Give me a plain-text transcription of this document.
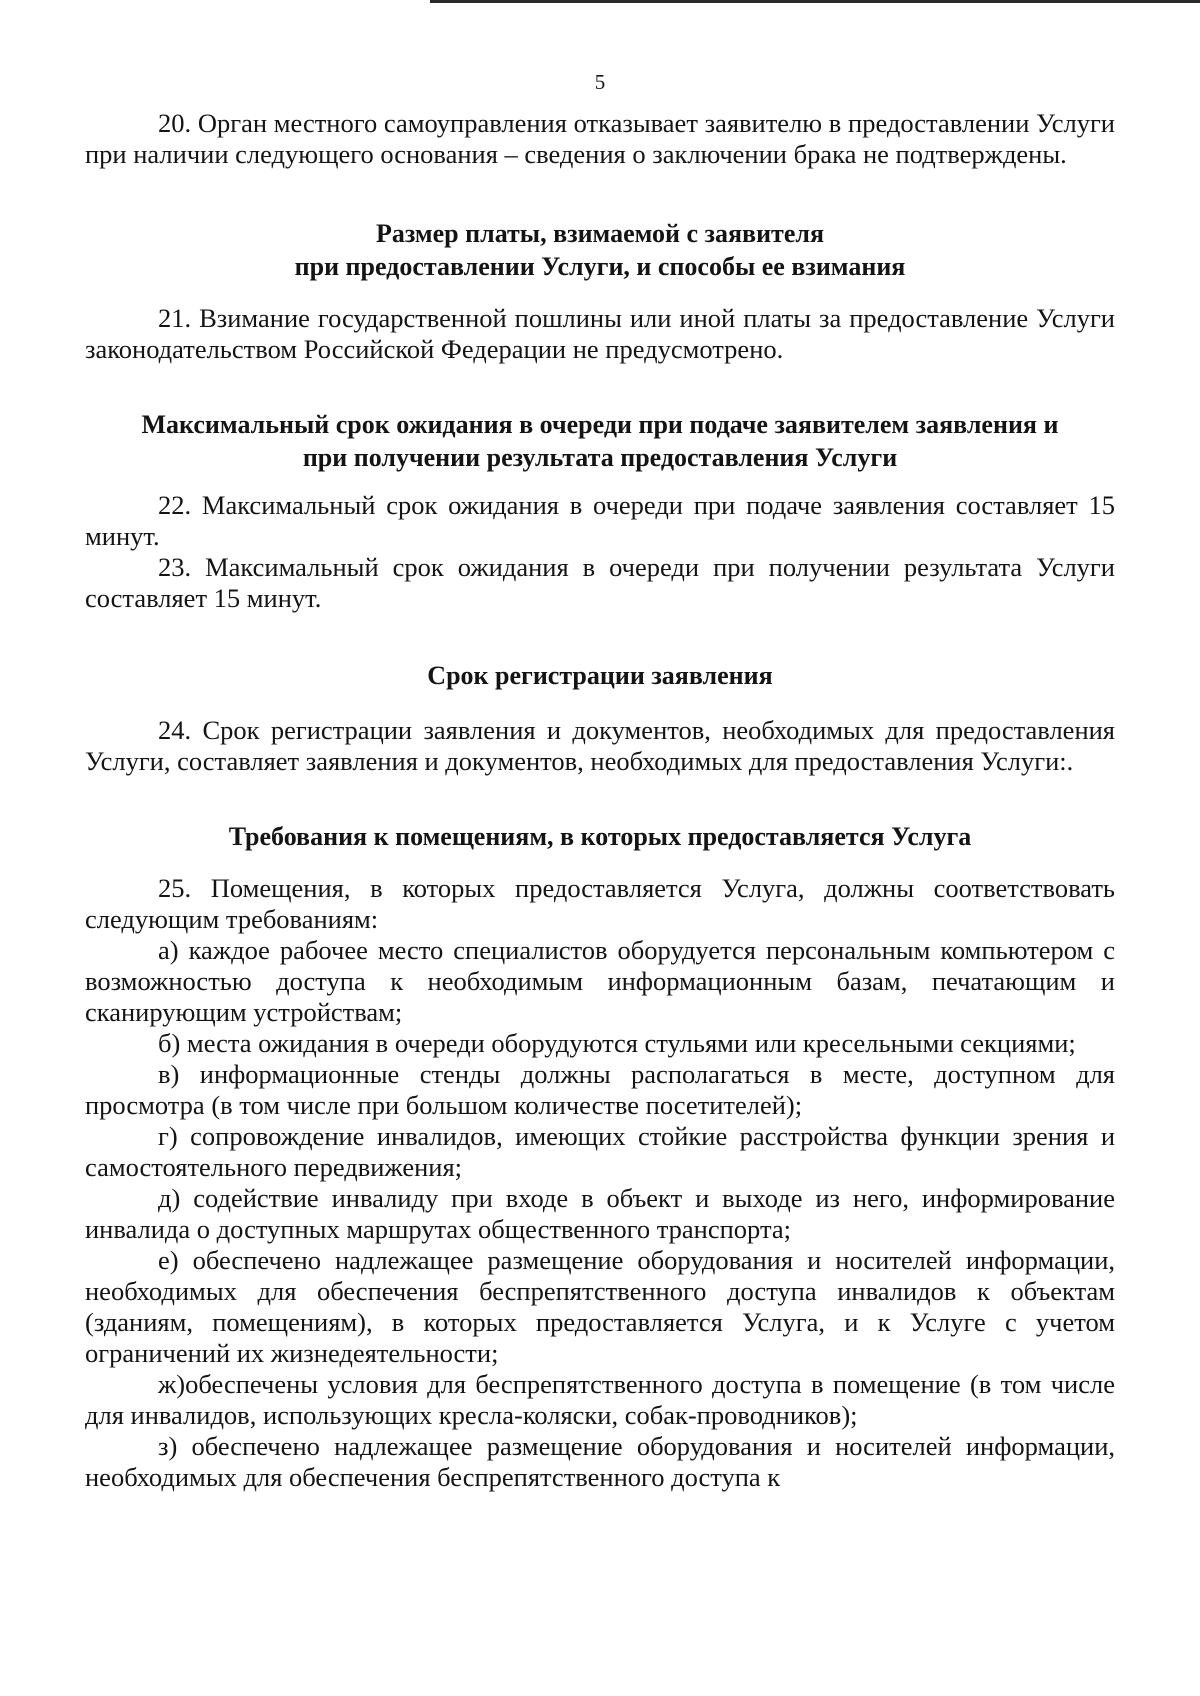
5

20. Орган местного самоуправления отказывает заявителю в предоставлении Услуги при наличии следующего основания – сведения о заключении брака не подтверждены.

Размер платы, взимаемой с заявителя
при предоставлении Услуги, и способы ее взимания

21. Взимание государственной пошлины или иной платы за предоставление Услуги законодательством Российской Федерации не предусмотрено.

Максимальный срок ожидания в очереди при подаче заявителем заявления и
при получении результата предоставления Услуги

22. Максимальный срок ожидания в очереди при подаче заявления составляет 15 минут.

23. Максимальный срок ожидания в очереди при получении результата Услуги составляет 15 минут.

Срок регистрации заявления

24. Срок регистрации заявления и документов, необходимых для предоставления Услуги, составляет заявления и документов, необходимых для предоставления Услуги:.

Требования к помещениям, в которых предоставляется Услуга

25. Помещения, в которых предоставляется Услуга, должны соответствовать следующим требованиям:

а) каждое рабочее место специалистов оборудуется персональным компьютером с возможностью доступа к необходимым информационным базам, печатающим и сканирующим устройствам;

б) места ожидания в очереди оборудуются стульями или кресельными секциями;

в) информационные стенды должны располагаться в месте, доступном для просмотра (в том числе при большом количестве посетителей);

г) сопровождение инвалидов, имеющих стойкие расстройства функции зрения и самостоятельного передвижения;

д) содействие инвалиду при входе в объект и выходе из него, информирование инвалида о доступных маршрутах общественного транспорта;

е) обеспечено надлежащее размещение оборудования и носителей информации, необходимых для обеспечения беспрепятственного доступа инвалидов к объектам (зданиям, помещениям), в которых предоставляется Услуга, и к Услуге с учетом ограничений их жизнедеятельности;

ж)обеспечены условия для беспрепятственного доступа в помещение (в том числе для инвалидов, использующих кресла-коляски, собак-проводников);

з) обеспечено надлежащее размещение оборудования и носителей информации, необходимых для обеспечения беспрепятственного доступа к
